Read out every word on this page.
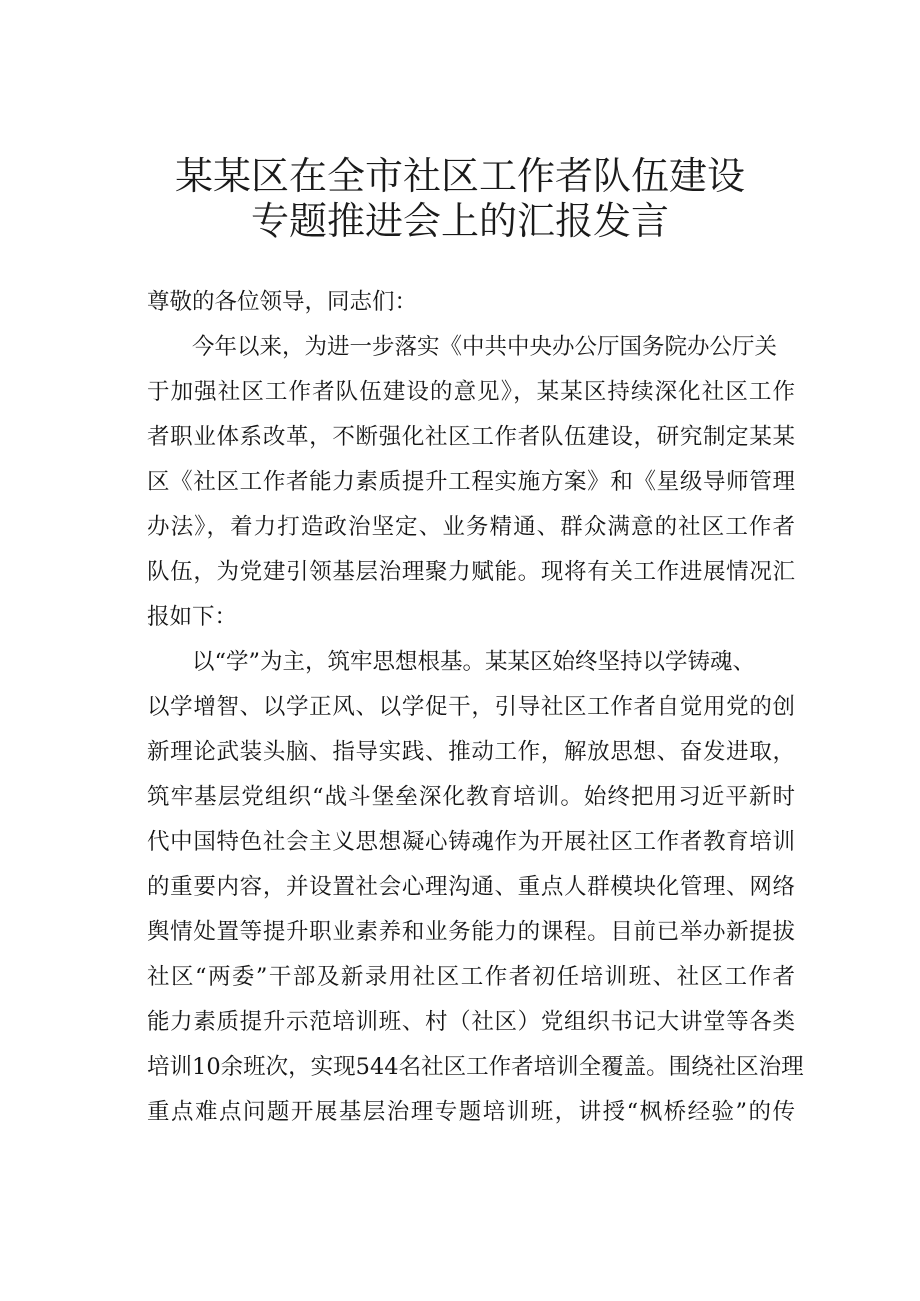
某某区在全市社区工作者队伍建设
专题推进会上的汇报发言
尊敬的各位领导，同志们：
今年以来，为进一步落实《中共中央办公厅国务院办公厅关
于加强社区工作者队伍建设的意见》，某某区持续深化社区工作
者职业体系改革，不断强化社区工作者队伍建设，研究制定某某
区《社区工作者能力素质提升工程实施方案》和《星级导师管理
办法》，着力打造政治坚定、业务精通、群众满意的社区工作者
队伍，为党建引领基层治理聚力赋能。现将有关工作进展情况汇
报如下：
以“学”为主，筑牢思想根基。某某区始终坚持以学铸魂、
以学增智、以学正风、以学促干，引导社区工作者自觉用党的创
新理论武装头脑、指导实践、推动工作，解放思想、奋发进取，
筑牢基层党组织“战斗堡垒深化教育培训。始终把用习近平新时
代中国特色社会主义思想凝心铸魂作为开展社区工作者教育培训
的重要内容，并设置社会心理沟通、重点人群模块化管理、网络
舆情处置等提升职业素养和业务能力的课程。目前已举办新提拔
社区“两委”干部及新录用社区工作者初任培训班、社区工作者
能力素质提升示范培训班、村（社区）党组织书记大讲堂等各类
培训10余班次，实现544名社区工作者培训全覆盖。围绕社区治理
重点难点问题开展基层治理专题培训班，讲授“枫桥经验”的传
